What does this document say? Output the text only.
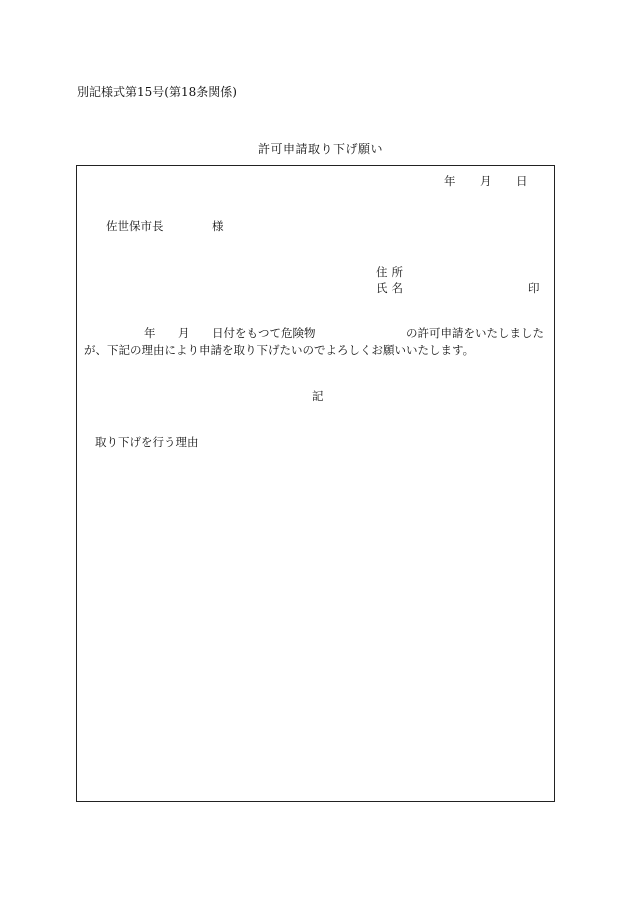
別記様式第15号(第18条関係)
許可申請取り下げ願い
年 月 日
佐世保市長	様
住所
氏名	印
年 月 日付をもつて危険物	の許可申請をいたしました
が、下記の理由により申請を取り下げたいのでよろしくお願いいたします。
記
取り下げを行う理由
